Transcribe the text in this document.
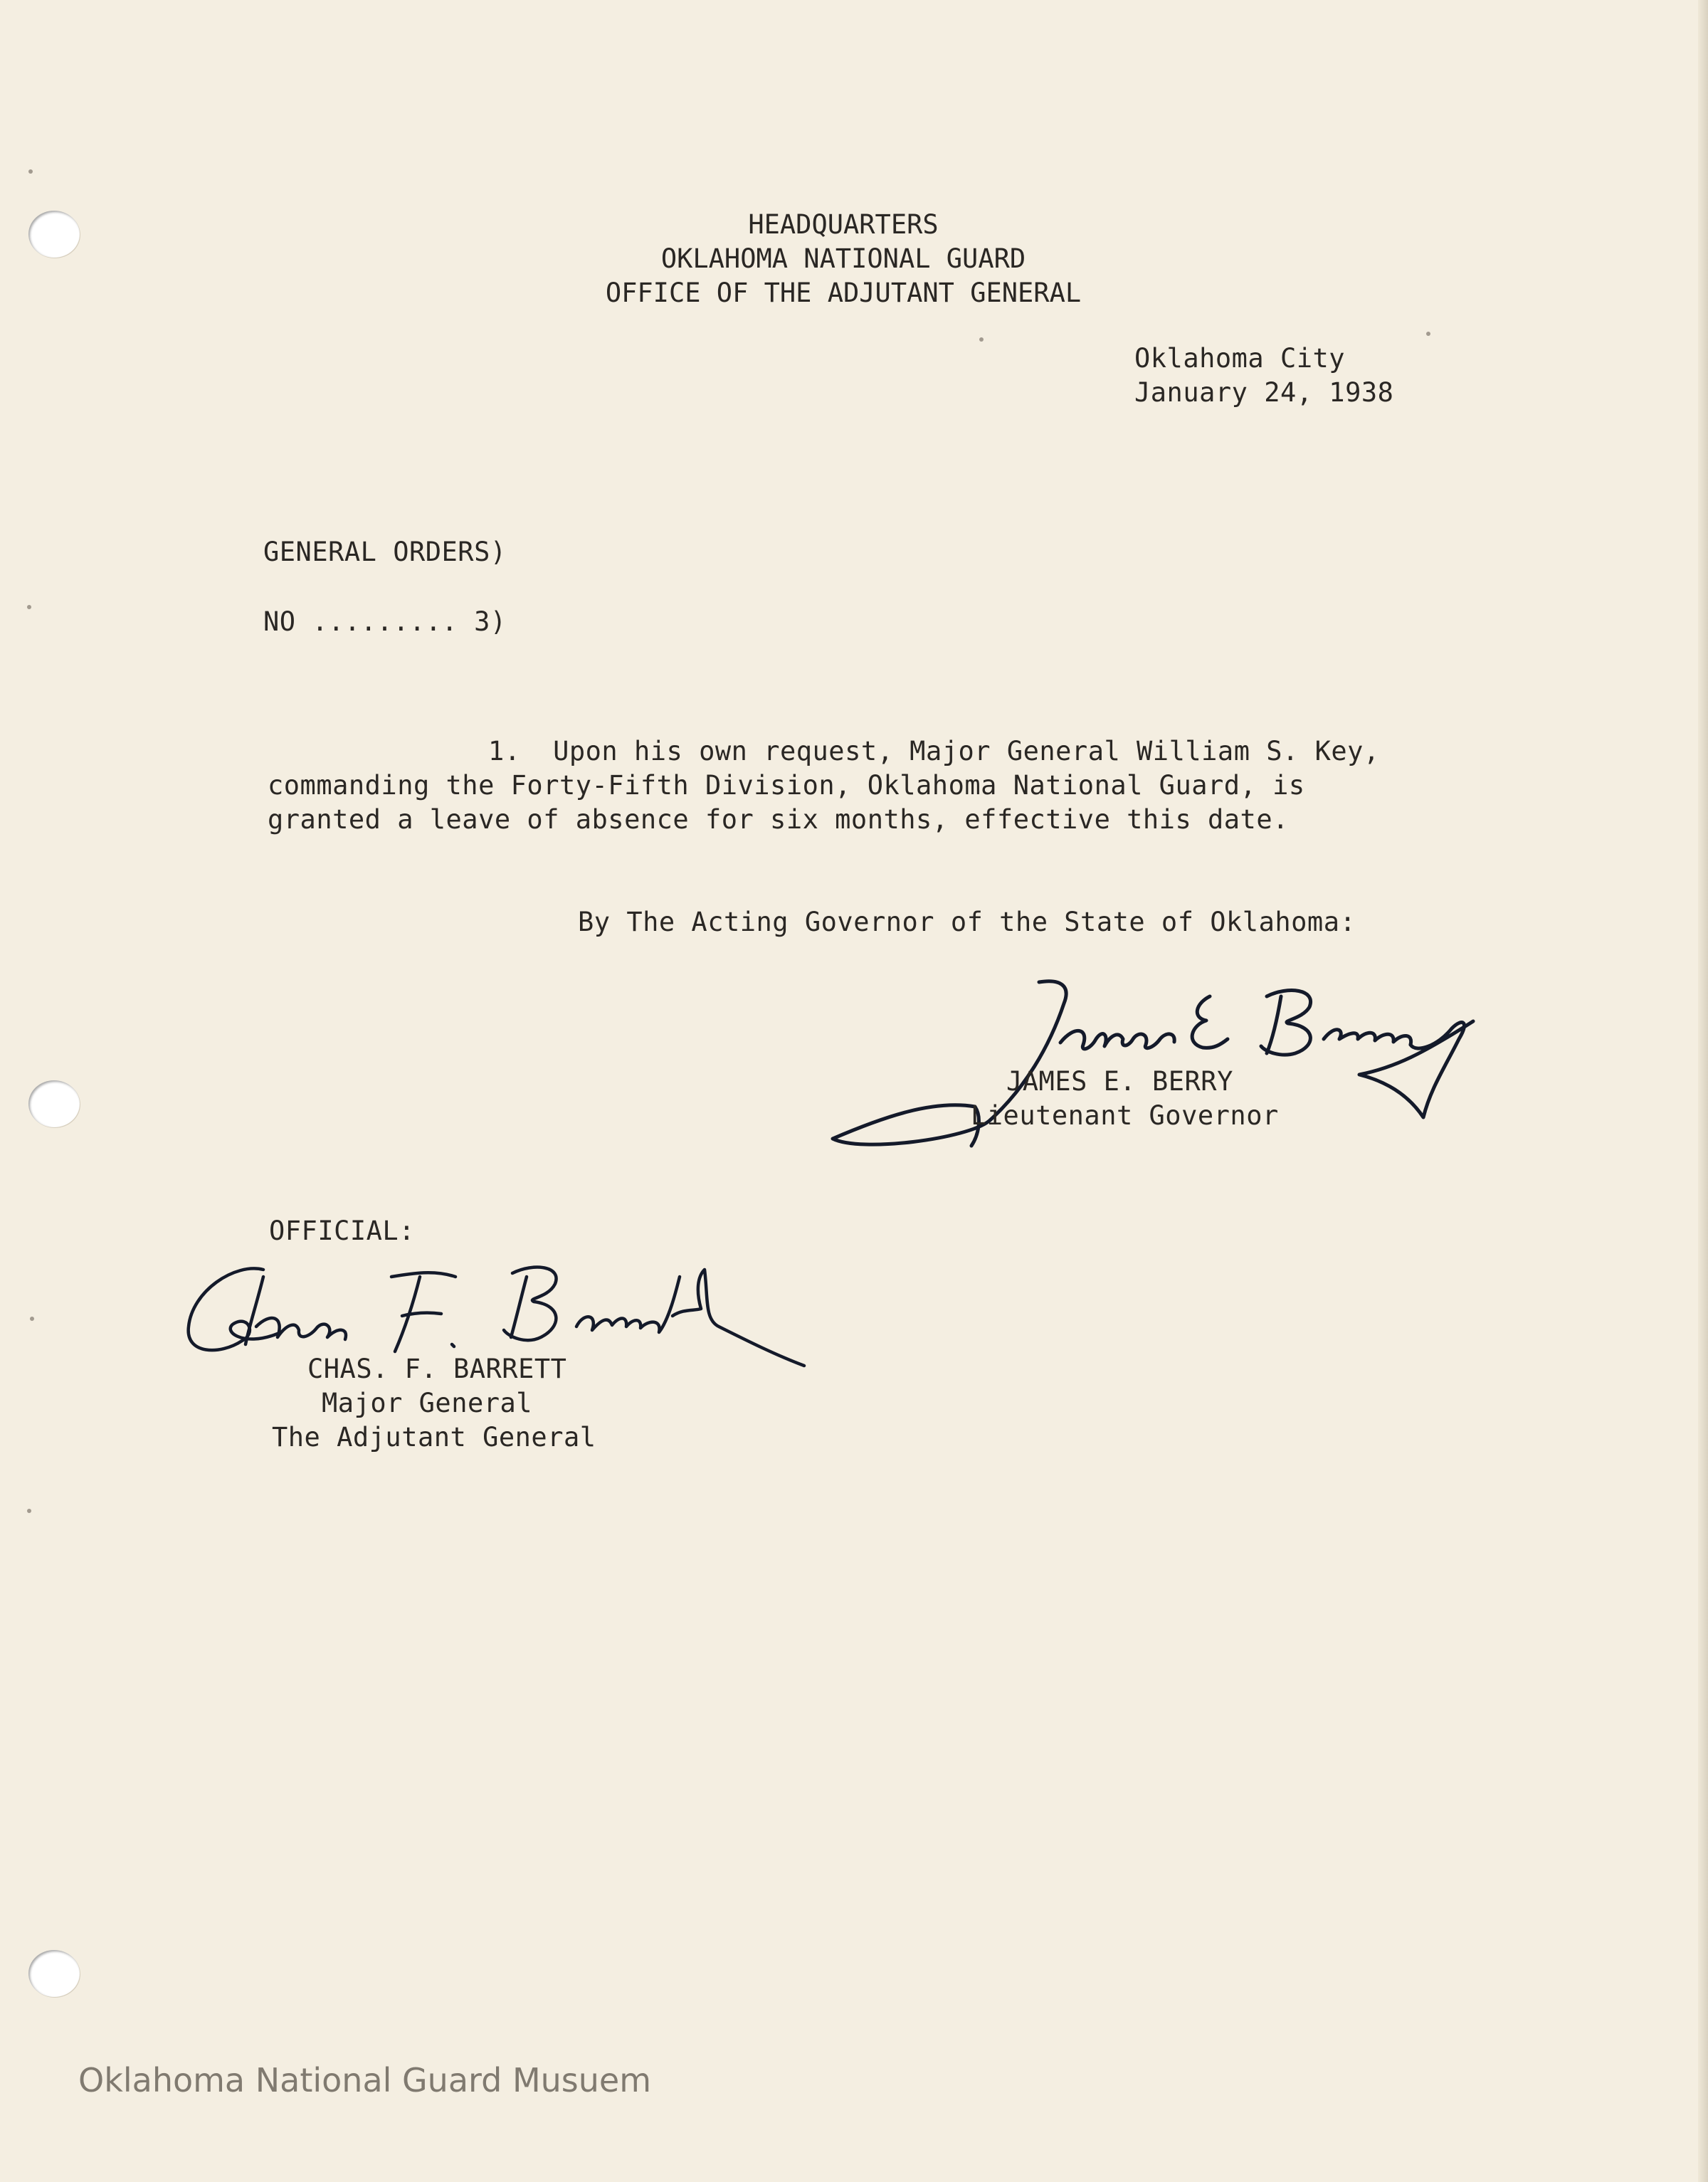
HEADQUARTERS
OKLAHOMA NATIONAL GUARD
OFFICE OF THE ADJUTANT GENERAL
Oklahoma City
January 24, 1938
GENERAL ORDERS)
NO ......... 3)
1.  Upon his own request, Major General William S. Key,
commanding the Forty-Fifth Division, Oklahoma National Guard, is
granted a leave of absence for six months, effective this date.
By The Acting Governor of the State of Oklahoma:
JAMES E. BERRY
Lieutenant Governor
OFFICIAL:
CHAS. F. BARRETT
Major General
The Adjutant General
Oklahoma National Guard Musuem
